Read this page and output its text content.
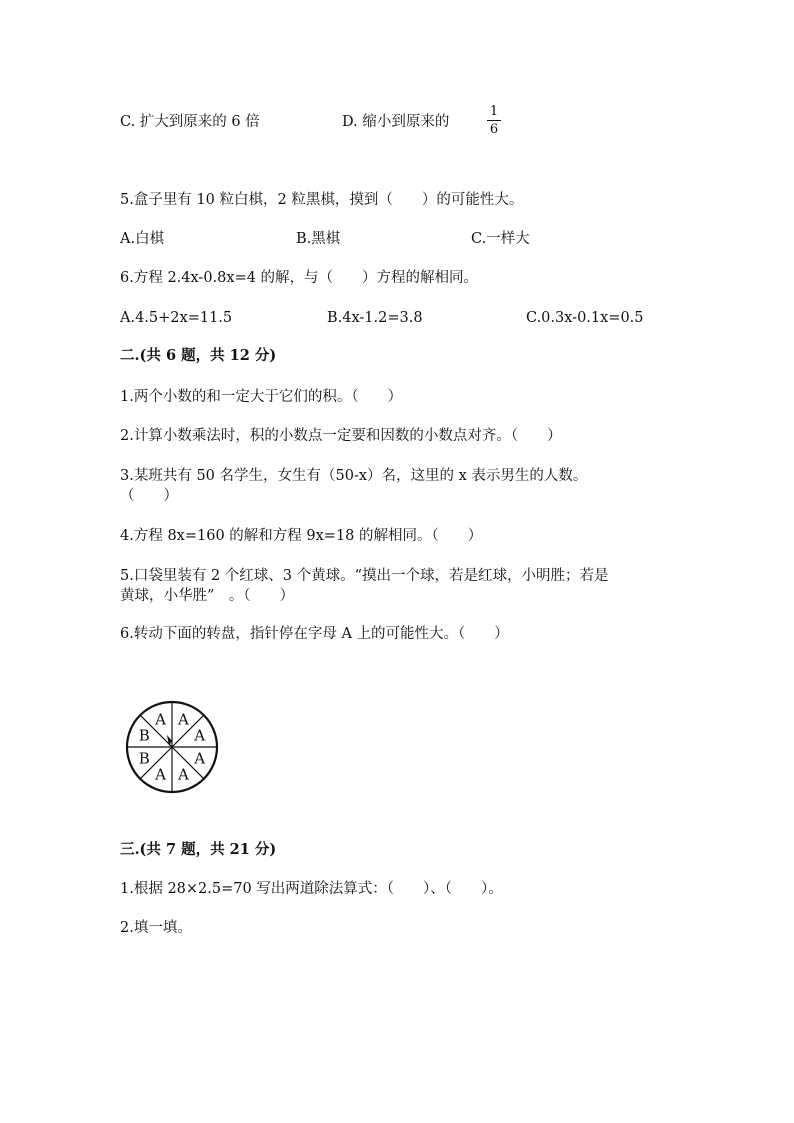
C. 扩大到原来的 6 倍	D. 缩小到原来的
1
6
5.盒子里有 10 粒白棋，2 粒黑棋，摸到（　　）的可能性大。
A.白棋	B.黑棋	C.一样大
6.方程 2.4x-0.8x=4 的解，与（　　）方程的解相同。
A.4.5+2x=11.5	B.4x-1.2=3.8	C.0.3x-0.1x=0.5
二.(共 6 题，共 12 分)
1.两个小数的和一定大于它们的积。（　　）
2.计算小数乘法时，积的小数点一定要和因数的小数点对齐。（　　）
3.某班共有 50 名学生，女生有（50-x）名，这里的 x 表示男生的人数。
（　　）
4.方程 8x=160 的解和方程 9x=18 的解相同。（　　）
5.口袋里装有 2 个红球、3 个黄球。“摸出一个球，若是红球，小明胜；若是
黄球，小华胜”　。（　　）
6.转动下面的转盘，指针停在字母 A 上的可能性大。（　　）
A
A
A
A
A
B
B
A
三.(共 7 题，共 21 分)
1.根据 28×2.5=70 写出两道除法算式：（　　）、（　　）。
2.填一填。
